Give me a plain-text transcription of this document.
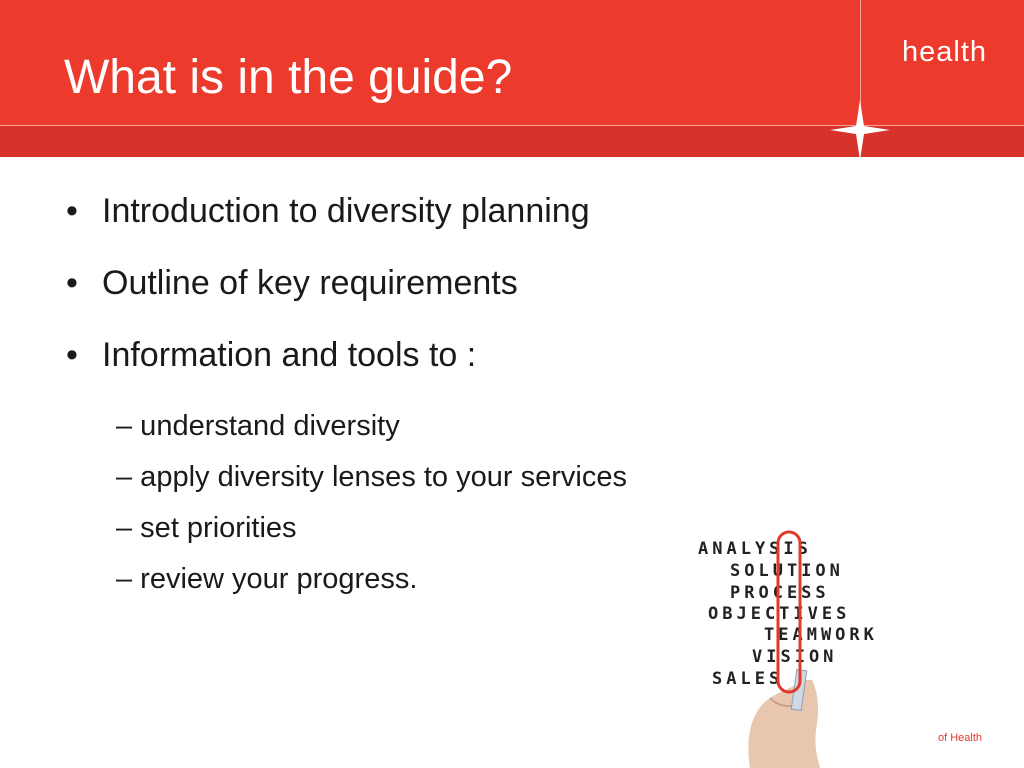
What is in the guide?	health
• Introduction to diversity planning
• Outline of key requirements
• Information and tools to :
– understand diversity
– apply diversity lenses to your services
– set priorities
– review your progress.
ANALYSIS
SOLUTION
PROCESS
OBJECTIVES
TEAMWORK
VISION
SALES
of Health
